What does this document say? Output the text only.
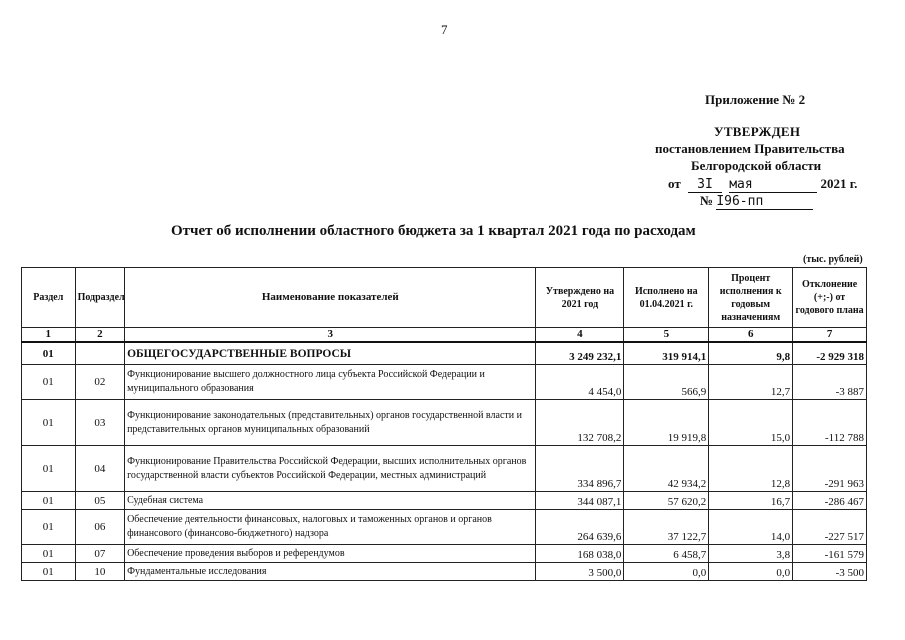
7
Приложение № 2
УТВЕРЖДЕН
постановлением Правительства
Белгородской области
от 3I мая	2021 г.
№ I96-пп
Отчет об исполнении областного бюджета за 1 квартал 2021 года по расходам
(тыс. рублей)
Раздел	Подраздел	Наименование показателей	Утверждено на 2021 год	Исполнено на 01.04.2021 г.	Процент исполнения к годовым назначениям	Отклонение (+;-) от годового плана
1	2	3	4	5	6	7
01		ОБЩЕГОСУДАРСТВЕННЫЕ ВОПРОСЫ	3 249 232,1	319 914,1	9,8	-2 929 318
01	02	Функционирование высшего должностного лица субъекта Российской Федерации и муниципального образования	4 454,0	566,9	12,7	-3 887
01	03	Функционирование законодательных (представительных) органов государственной власти и представительных органов муниципальных образований	132 708,2	19 919,8	15,0	-112 788
01	04	Функционирование Правительства Российской Федерации, высших исполнительных органов государственной власти субъектов Российской Федерации, местных администраций	334 896,7	42 934,2	12,8	-291 963
01	05	Судебная система	344 087,1	57 620,2	16,7	-286 467
01	06	Обеспечение деятельности финансовых, налоговых и таможенных органов и органов финансового (финансово-бюджетного) надзора	264 639,6	37 122,7	14,0	-227 517
01	07	Обеспечение проведения выборов и референдумов	168 038,0	6 458,7	3,8	-161 579
01	10	Фундаментальные исследования	3 500,0	0,0	0,0	-3 500
